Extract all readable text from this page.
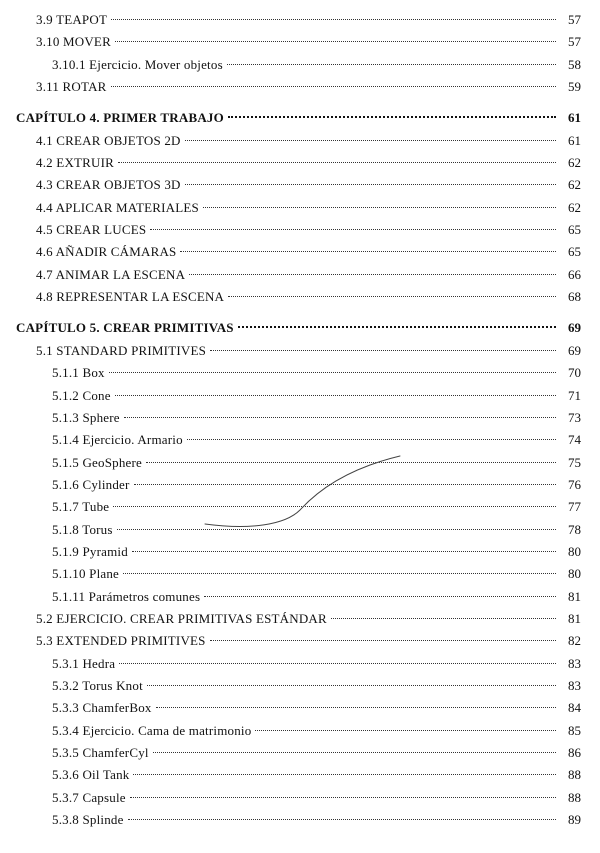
3.9 TEAPOT	57
3.10 MOVER	57
3.10.1 Ejercicio. Mover objetos	58
3.11 ROTAR	59
CAPÍTULO 4. PRIMER TRABAJO	61
4.1 CREAR OBJETOS 2D	61
4.2 EXTRUIR	62
4.3 CREAR OBJETOS 3D	62
4.4 APLICAR MATERIALES	62
4.5 CREAR LUCES	65
4.6 AÑADIR CÁMARAS	65
4.7 ANIMAR LA ESCENA	66
4.8 REPRESENTAR LA ESCENA	68
CAPÍTULO 5. CREAR PRIMITIVAS	69
5.1 STANDARD PRIMITIVES	69
5.1.1 Box	70
5.1.2 Cone	71
5.1.3 Sphere	73
5.1.4 Ejercicio. Armario	74
5.1.5 GeoSphere	75
5.1.6 Cylinder	76
5.1.7 Tube	77
5.1.8 Torus	78
5.1.9 Pyramid	80
5.1.10 Plane	80
5.1.11 Parámetros comunes	81
5.2 EJERCICIO. CREAR PRIMITIVAS ESTÁNDAR	81
5.3 EXTENDED PRIMITIVES	82
5.3.1 Hedra	83
5.3.2 Torus Knot	83
5.3.3 ChamferBox	84
5.3.4 Ejercicio. Cama de matrimonio	85
5.3.5 ChamferCyl	86
5.3.6 Oil Tank	88
5.3.7 Capsule	88
5.3.8 Splinde	89
